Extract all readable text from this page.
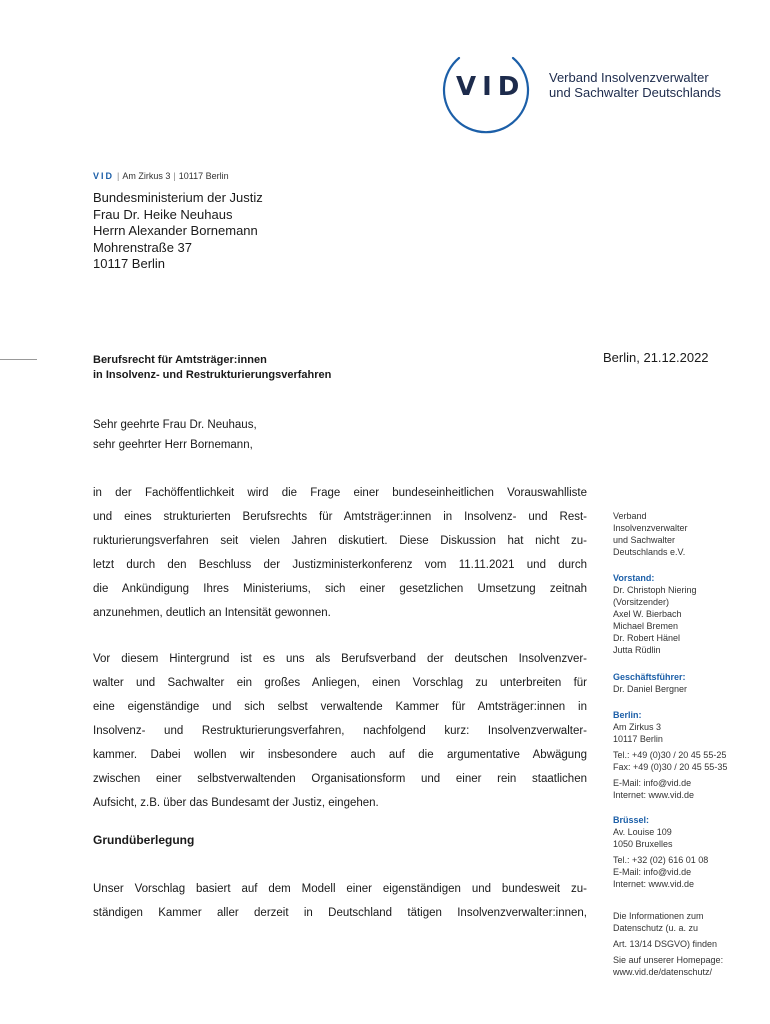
VID Verband Insolvenzverwalter
und Sachwalter Deutschlands
VID | Am Zirkus 3 | 10117 Berlin
Bundesministerium der Justiz
Frau Dr. Heike Neuhaus
Herrn Alexander Bornemann
Mohrenstraße 37
10117 Berlin
Berufsrecht für Amtsträger:innen
in Insolvenz- und Restrukturierungsverfahren
Berlin, 21.12.2022
Sehr geehrte Frau Dr. Neuhaus,
sehr geehrter Herr Bornemann,
in der Fachöffentlichkeit wird die Frage einer bundeseinheitlichen Vorauswahlliste
und eines strukturierten Berufsrechts für Amtsträger:innen in Insolvenz- und Rest-
rukturierungsverfahren seit vielen Jahren diskutiert. Diese Diskussion hat nicht zu-
letzt durch den Beschluss der Justizministerkonferenz vom 11.11.2021 und durch
die Ankündigung Ihres Ministeriums, sich einer gesetzlichen Umsetzung zeitnah
anzunehmen, deutlich an Intensität gewonnen.
Vor diesem Hintergrund ist es uns als Berufsverband der deutschen Insolvenzver-
walter und Sachwalter ein großes Anliegen, einen Vorschlag zu unterbreiten für
eine eigenständige und sich selbst verwaltende Kammer für Amtsträger:innen in
Insolvenz- und Restrukturierungsverfahren, nachfolgend kurz: Insolvenzverwalter-
kammer. Dabei wollen wir insbesondere auch auf die argumentative Abwägung
zwischen einer selbstverwaltenden Organisationsform und einer rein staatlichen
Aufsicht, z.B. über das Bundesamt der Justiz, eingehen.
Grundüberlegung
Unser Vorschlag basiert auf dem Modell einer eigenständigen und bundesweit zu-
ständigen Kammer aller derzeit in Deutschland tätigen Insolvenzverwalter:innen,
Verband
Insolvenzverwalter
und Sachwalter
Deutschlands e.V.
Vorstand:
Dr. Christoph Niering
(Vorsitzender)
Axel W. Bierbach
Michael Bremen
Dr. Robert Hänel
Jutta Rüdlin
Geschäftsführer:
Dr. Daniel Bergner
Berlin:
Am Zirkus 3
10117 Berlin
Tel.: +49 (0)30 / 20 45 55-25
Fax: +49 (0)30 / 20 45 55-35
E-Mail: info@vid.de
Internet: www.vid.de
Brüssel:
Av. Louise 109
1050 Bruxelles
Tel.: +32 (02) 616 01 08
E-Mail: info@vid.de
Internet: www.vid.de
Die Informationen zum
Datenschutz (u. a. zu
Art. 13/14 DSGVO) finden
Sie auf unserer Homepage:
www.vid.de/datenschutz/
